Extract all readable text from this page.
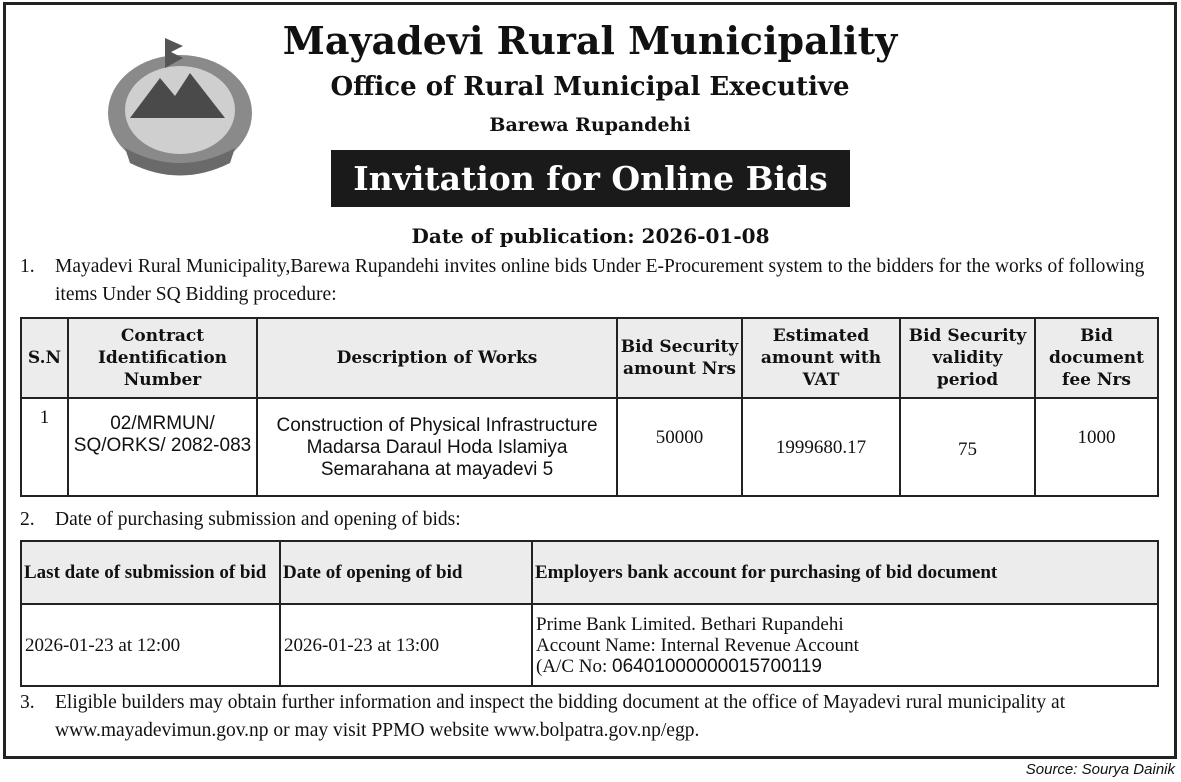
Mayadevi Rural Municipality
Office of Rural Municipal Executive
Barewa Rupandehi
Invitation for Online Bids
Date of publication: 2026-01-08
1.	Mayadevi Rural Municipality,Barewa Rupandehi invites online bids Under E-Procurement system to the bidders for the works of following items Under SQ Bidding procedure:
S.N	Contract Identification Number	Description of Works	Bid Security amount Nrs	Estimated amount with VAT	Bid Security validity period	Bid document fee Nrs
1	02/MRMUN/ SQ/ORKS/ 2082-083	Construction of Physical Infrastructure Madarsa Daraul Hoda Islamiya Semarahana at mayadevi 5	50000	1999680.17	75	1000
2.	Date of purchasing submission and opening of bids:
Last date of submission of bid	Date of opening of bid	Employers bank account for purchasing of bid document
2026-01-23 at 12:00	2026-01-23 at 13:00	Prime Bank Limited. Bethari Rupandehi
Account Name: Internal Revenue Account
(A/C No: 06401000000015700119
3.	Eligible builders may obtain further information and inspect the bidding document at the office of Mayadevi rural municipality at www.mayadevimun.gov.np or may visit PPMO website www.bolpatra.gov.np/egp.
Source: Sourya Dainik
